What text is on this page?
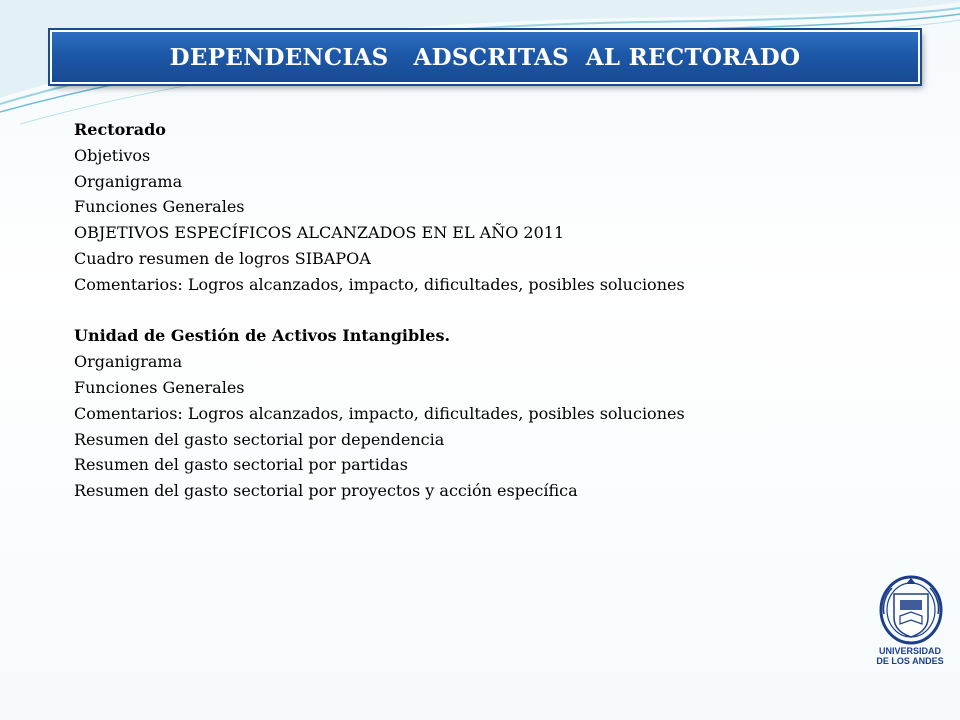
DEPENDENCIAS   ADSCRITAS  AL RECTORADO
Rectorado
Objetivos
Organigrama
Funciones Generales
OBJETIVOS ESPECÍFICOS ALCANZADOS EN EL AÑO 2011
Cuadro resumen de logros SIBAPOA
Comentarios: Logros alcanzados, impacto, dificultades, posibles soluciones
Unidad de Gestión de Activos Intangibles.
Organigrama
Funciones Generales
Comentarios: Logros alcanzados, impacto, dificultades, posibles soluciones
Resumen del gasto sectorial por dependencia
Resumen del gasto sectorial por partidas
Resumen del gasto sectorial por proyectos y acción específica
UNIVERSIDAD
DE LOS ANDES
